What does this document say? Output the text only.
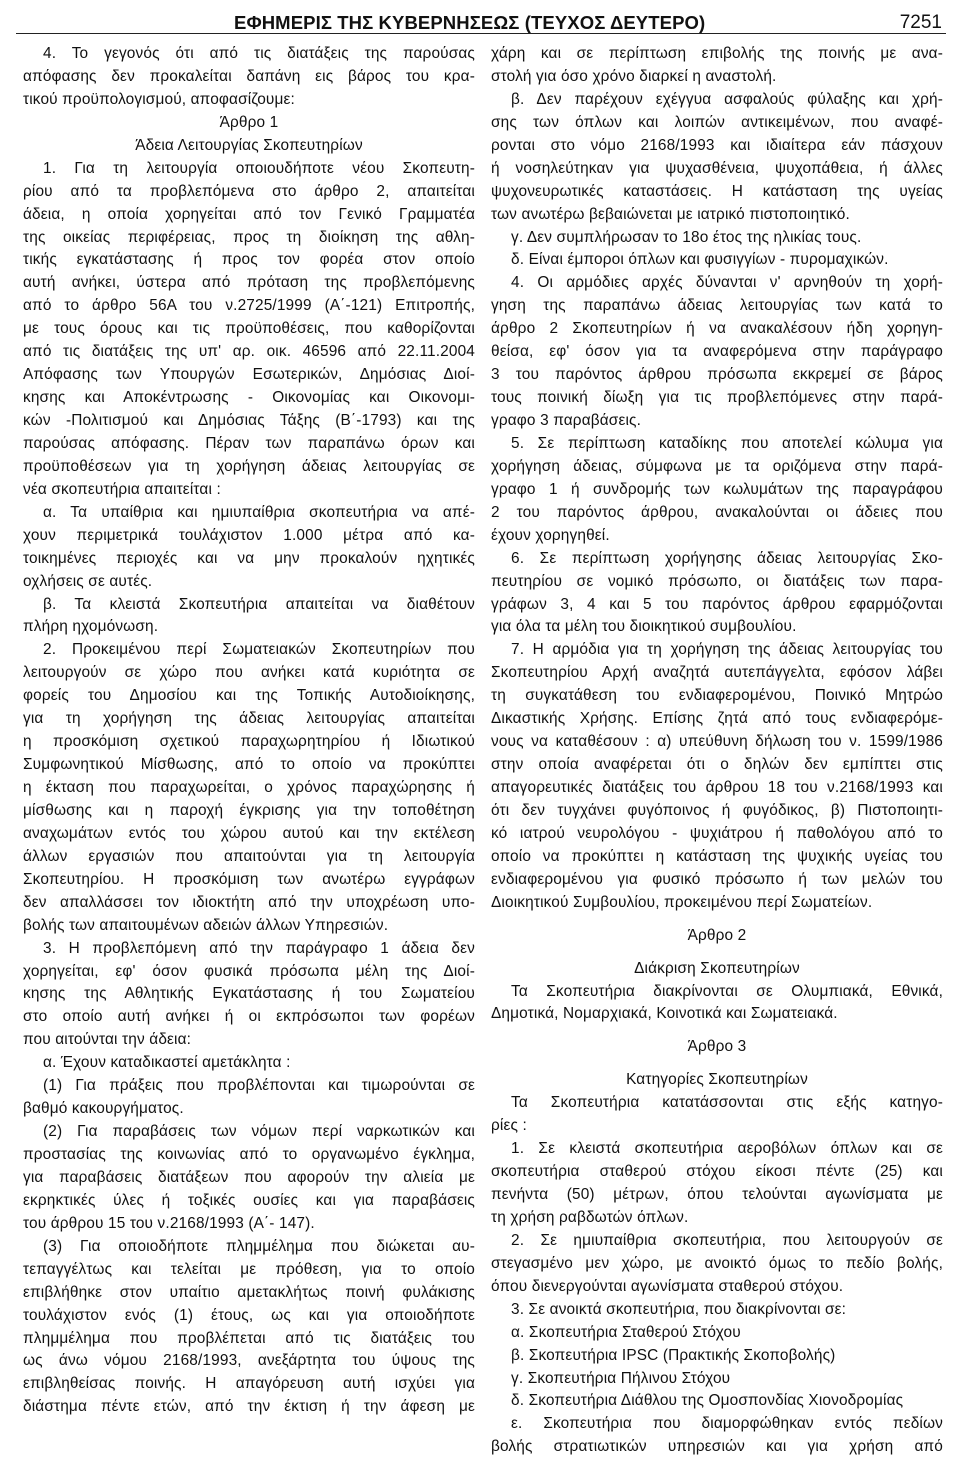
ΕΦΗΜΕΡΙΣ ΤΗΣ ΚΥΒΕΡΝΗΣΕΩΣ (ΤΕΥΧΟΣ ΔΕΥΤΕΡΟ)	7251
4. Το γεγονός ότι από τις διατάξεις της παρούσας
απόφασης δεν προκαλείται δαπάνη εις βάρος του κρα-
τικού προϋπολογισμού, αποφασίζουμε:
Άρθρο 1
Άδεια Λειτουργίας Σκοπευτηρίων
1. Για τη λειτουργία οποιουδήποτε νέου Σκοπευτη-
ρίου από τα προβλεπόμενα στο άρθρο 2, απαιτείται
άδεια, η οποία χορηγείται από τον Γενικό Γραμματέα
της οικείας περιφέρειας, προς τη διοίκηση της αθλη-
τικής εγκατάστασης ή προς τον φορέα στον οποίο
αυτή ανήκει, ύστερα από πρόταση της προβλεπόμενης
από το άρθρο 56Α του ν.2725/1999 (Α΄-121) Επιτροπής,
με τους όρους και τις προϋποθέσεις, που καθορίζονται
από τις διατάξεις της υπ' αρ. οικ. 46596 από 22.11.2004
Απόφασης των Υπουργών Εσωτερικών, Δημόσιας Διοί-
κησης και Αποκέντρωσης - Οικονομίας και Οικονομι-
κών -Πολιτισμού και Δημόσιας Τάξης (Β΄-1793) και της
παρούσας απόφασης. Πέραν των παραπάνω όρων και
προϋποθέσεων για τη χορήγηση άδειας λειτουργίας σε
νέα σκοπευτήρια απαιτείται :
α. Τα υπαίθρια και ημιυπαίθρια σκοπευτήρια να απέ-
χουν περιμετρικά τουλάχιστον 1.000 μέτρα από κα-
τοικημένες περιοχές και να μην προκαλούν ηχητικές
οχλήσεις σε αυτές.
β. Τα κλειστά Σκοπευτήρια απαιτείται να διαθέτουν
πλήρη ηχομόνωση.
2. Προκειμένου περί Σωματειακών Σκοπευτηρίων που
λειτουργούν σε χώρο που ανήκει κατά κυριότητα σε
φορείς του Δημοσίου και της Τοπικής Αυτοδιοίκησης,
για τη χορήγηση της άδειας λειτουργίας απαιτείται
η προσκόμιση σχετικού παραχωρητηρίου ή Ιδιωτικού
Συμφωνητικού Μίσθωσης, από το οποίο να προκύπτει
η έκταση που παραχωρείται, ο χρόνος παραχώρησης ή
μίσθωσης και η παροχή έγκρισης για την τοποθέτηση
αναχωμάτων εντός του χώρου αυτού και την εκτέλεση
άλλων εργασιών που απαιτούνται για τη λειτουργία
Σκοπευτηρίου. Η προσκόμιση των ανωτέρω εγγράφων
δεν απαλλάσσει τον ιδιοκτήτη από την υποχρέωση υπο-
βολής των απαιτουμένων αδειών άλλων Υπηρεσιών.
3. Η προβλεπόμενη από την παράγραφο 1 άδεια δεν
χορηγείται, εφ' όσον φυσικά πρόσωπα μέλη της Διοί-
κησης της Αθλητικής Εγκατάστασης ή του Σωματείου
στο οποίο αυτή ανήκει ή οι εκπρόσωποι των φορέων
που αιτούνται την άδεια:
α. Έχουν καταδικαστεί αμετάκλητα :
(1) Για πράξεις που προβλέπονται και τιμωρούνται σε
βαθμό κακουργήματος.
(2) Για παραβάσεις των νόμων περί ναρκωτικών και
προστασίας της κοινωνίας από το οργανωμένο έγκλημα,
για παραβάσεις διατάξεων που αφορούν την αλιεία με
εκρηκτικές ύλες ή τοξικές ουσίες και για παραβάσεις
του άρθρου 15 του ν.2168/1993 (Α΄- 147).
(3) Για οποιοδήποτε πλημμέλημα που διώκεται αυ-
τεπαγγέλτως και τελείται με πρόθεση, για το οποίο
επιβλήθηκε στον υπαίτιο αμετακλήτως ποινή φυλάκισης
τουλάχιστον ενός (1) έτους, ως και για οποιοδήποτε
πλημμέλημα που προβλέπεται από τις διατάξεις του
ως άνω νόμου 2168/1993, ανεξάρτητα του ύψους της
επιβληθείσας ποινής. Η απαγόρευση αυτή ισχύει για
διάστημα πέντε ετών, από την έκτιση ή την άφεση με
χάρη και σε περίπτωση επιβολής της ποινής με ανα-
στολή για όσο χρόνο διαρκεί η αναστολή.
β. Δεν παρέχουν εχέγγυα ασφαλούς φύλαξης και χρή-
σης των όπλων και λοιπών αντικειμένων, που αναφέ-
ρονται στο νόμο 2168/1993 και ιδιαίτερα εάν πάσχουν
ή νοσηλεύτηκαν για ψυχασθένεια, ψυχοπάθεια, ή άλλες
ψυχονευρωτικές καταστάσεις. Η κατάσταση της υγείας
των ανωτέρω βεβαιώνεται με ιατρικό πιστοποιητικό.
γ. Δεν συμπλήρωσαν το 18ο έτος της ηλικίας τους.
δ. Είναι έμποροι όπλων και φυσιγγίων - πυρομαχικών.
4. Οι αρμόδιες αρχές δύνανται ν' αρνηθούν τη χορή-
γηση της παραπάνω άδειας λειτουργίας των κατά το
άρθρο 2 Σκοπευτηρίων ή να ανακαλέσουν ήδη χορηγη-
θείσα, εφ' όσον για τα αναφερόμενα στην παράγραφο
3 του παρόντος άρθρου πρόσωπα εκκρεμεί σε βάρος
τους ποινική δίωξη για τις προβλεπόμενες στην παρά-
γραφο 3 παραβάσεις.
5. Σε περίπτωση καταδίκης που αποτελεί κώλυμα για
χορήγηση άδειας, σύμφωνα με τα οριζόμενα στην παρά-
γραφο 1 ή συνδρομής των κωλυμάτων της παραγράφου
2 του παρόντος άρθρου, ανακαλούνται οι άδειες που
έχουν χορηγηθεί.
6. Σε περίπτωση χορήγησης άδειας λειτουργίας Σκο-
πευτηρίου σε νομικό πρόσωπο, οι διατάξεις των παρα-
γράφων 3, 4 και 5 του παρόντος άρθρου εφαρμόζονται
για όλα τα μέλη του διοικητικού συμβουλίου.
7. Η αρμόδια για τη χορήγηση της άδειας λειτουργίας του
Σκοπευτηρίου Αρχή αναζητά αυτεπάγγελτα, εφόσον λάβει
τη συγκατάθεση του ενδιαφερομένου, Ποινικό Μητρώο
Δικαστικής Χρήσης. Επίσης ζητά από τους ενδιαφερόμε-
νους να καταθέσουν : α) υπεύθυνη δήλωση του ν. 1599/1986
στην οποία αναφέρεται ότι ο δηλών δεν εμπίπτει στις
απαγορευτικές διατάξεις του άρθρου 18 του ν.2168/1993 και
ότι δεν τυγχάνει φυγόποινος ή φυγόδικος, β) Πιστοποιητι-
κό ιατρού νευρολόγου - ψυχιάτρου ή παθολόγου από το
οποίο να προκύπτει η κατάσταση της ψυχικής υγείας του
ενδιαφερομένου για φυσικό πρόσωπο ή των μελών του
Διοικητικού Συμβουλίου, προκειμένου περί Σωματείων.
Άρθρο 2
Διάκριση Σκοπευτηρίων
Τα Σκοπευτήρια διακρίνονται σε Ολυμπιακά, Εθνικά,
Δημοτικά, Νομαρχιακά, Κοινοτικά και Σωματειακά.
Άρθρο 3
Κατηγορίες Σκοπευτηρίων
Τα Σκοπευτήρια κατατάσσονται στις εξής κατηγο-
ρίες :
1. Σε κλειστά σκοπευτήρια αεροβόλων όπλων και σε
σκοπευτήρια σταθερού στόχου είκοσι πέντε (25) και
πενήντα (50) μέτρων, όπου τελούνται αγωνίσματα με
τη χρήση ραβδωτών όπλων.
2. Σε ημιυπαίθρια σκοπευτήρια, που λειτουργούν σε
στεγασμένο μεν χώρο, με ανοικτό όμως το πεδίο βολής,
όπου διενεργούνται αγωνίσματα σταθερού στόχου.
3. Σε ανοικτά σκοπευτήρια, που διακρίνονται σε:
α. Σκοπευτήρια Σταθερού Στόχου
β. Σκοπευτήρια IPSC (Πρακτικής Σκοποβολής)
γ. Σκοπευτήρια Πήλινου Στόχου
δ. Σκοπευτήρια Διάθλου της Ομοσπονδίας Χιονοδρομίας
ε. Σκοπευτήρια που διαμορφώθηκαν εντός πεδίων
βολής στρατιωτικών υπηρεσιών και για χρήση από
